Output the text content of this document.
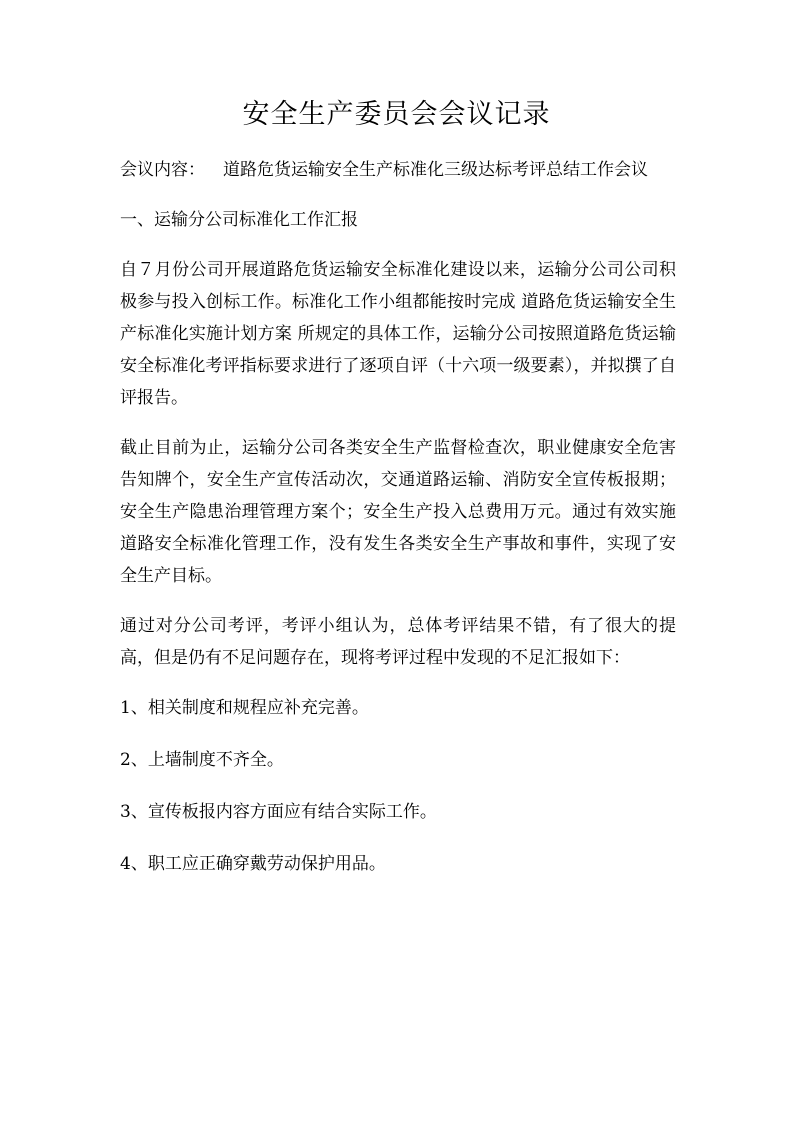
安全生产委员会会议记录

会议内容： 道路危货运输安全生产标准化三级达标考评总结工作会议

一、运输分公司标准化工作汇报

自７月份公司开展道路危货运输安全标准化建设以来，运输分公司公司积极参与投入创标工作。标准化工作小组都能按时完成 道路危货运输安全生产标准化实施计划方案 所规定的具体工作，运输分公司按照道路危货运输安全标准化考评指标要求进行了逐项自评（十六项一级要素），并拟撰了自评报告。

截止目前为止，运输分公司各类安全生产监督检查次，职业健康安全危害告知牌个，安全生产宣传活动次，交通道路运输、消防安全宣传板报期；安全生产隐患治理管理方案个；安全生产投入总费用万元。通过有效实施道路安全标准化管理工作，没有发生各类安全生产事故和事件，实现了安全生产目标。

通过对分公司考评，考评小组认为，总体考评结果不错，有了很大的提高，但是仍有不足问题存在，现将考评过程中发现的不足汇报如下：

1、相关制度和规程应补充完善。

2、上墙制度不齐全。

3、宣传板报内容方面应有结合实际工作。

4、职工应正确穿戴劳动保护用品。
